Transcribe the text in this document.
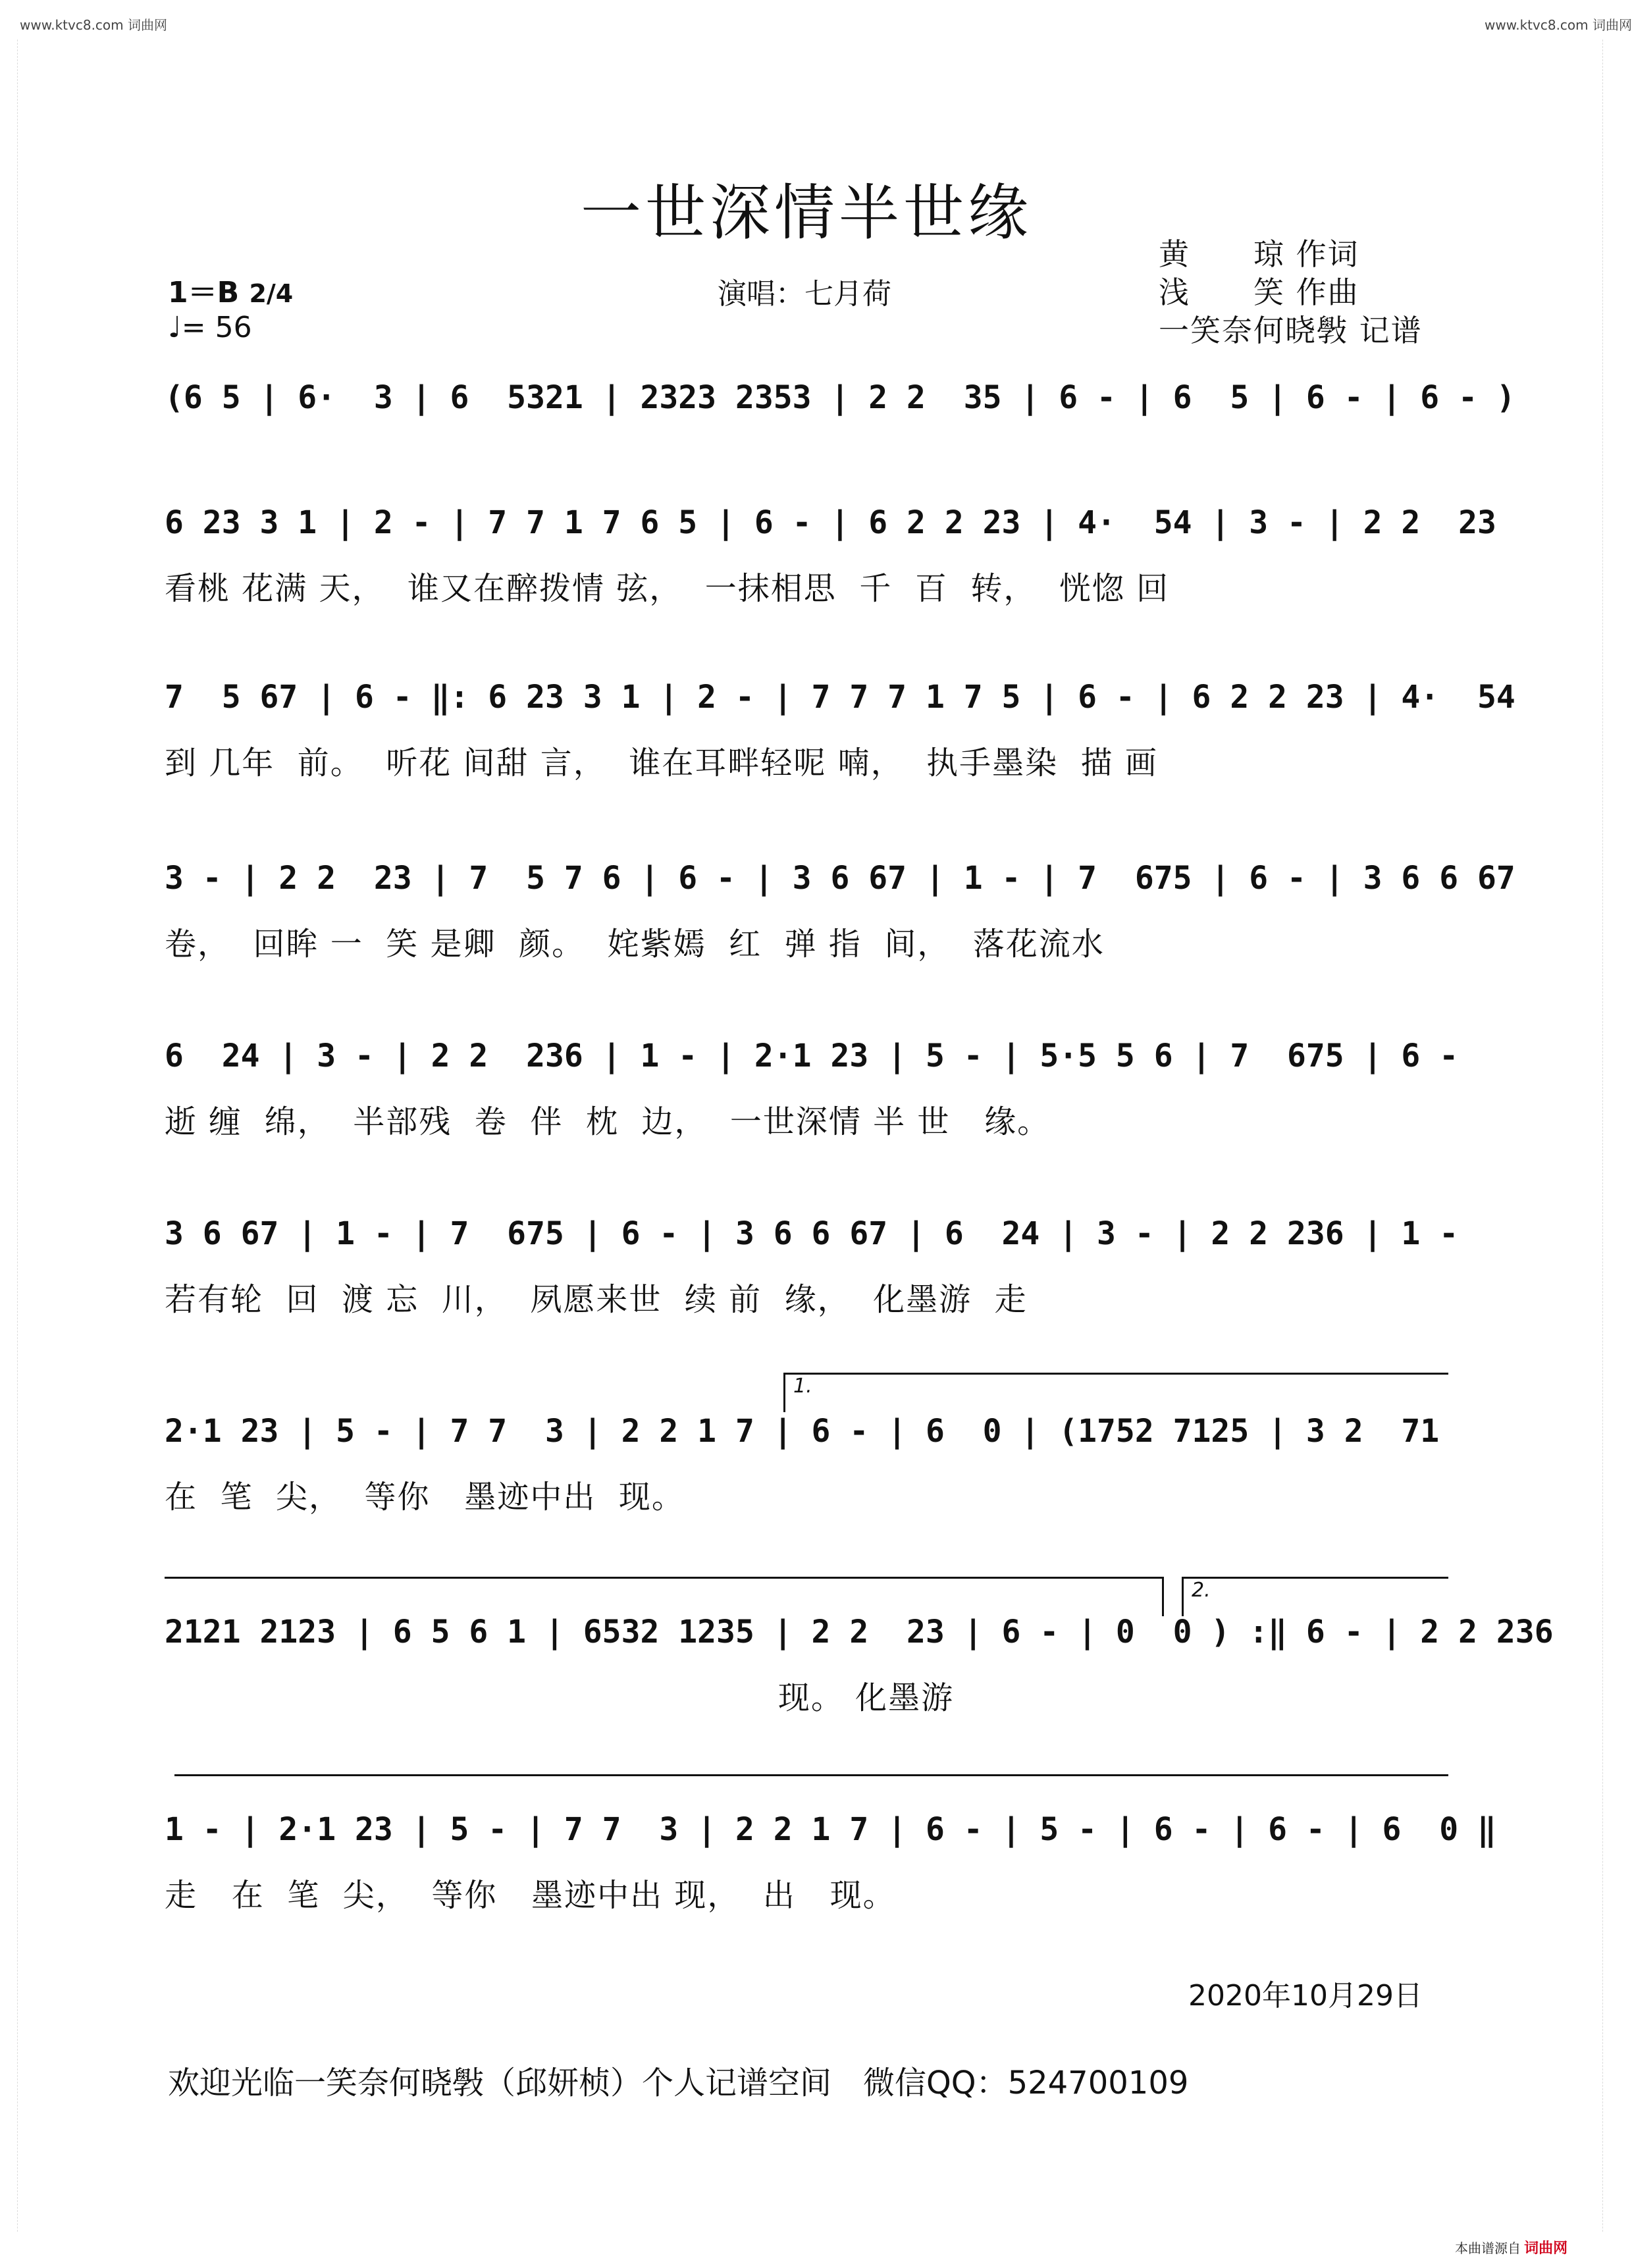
www.ktvc8.com 词曲网	www.ktvc8.com 词曲网
一世深情半世缘
1＝B 2/4
♩= 56
演唱：七月荷
黄　　琼 作词
浅　　笑 作曲
一笑奈何晓斅 记谱

(6 5 | 6·  3 | 6  5321 | 2323 2353 | 2 2  35 | 6 - | 6  5 | 6 - | 6 - )

6 23 3 1 | 2 - | 7 7 1 7 6 5 | 6 - | 6 2 2 23 | 4·  54 | 3 - | 2 2  23

看桃 花满 天，  谁又在醉拨情 弦，  一抹相思  千  百  转，  恍惚 回

7  5 67 | 6 - ‖: 6 23 3 1 | 2 - | 7 7 7 1 7 5 | 6 - | 6 2 2 23 | 4·  54

到 几年  前。  听花 间甜 言，  谁在耳畔轻呢 喃，  执手墨染  描 画

3 - | 2 2  23 | 7  5 7 6 | 6 - | 3 6 67 | 1 - | 7  675 | 6 - | 3 6 6 67

卷，  回眸 一  笑 是卿  颜。  姹紫嫣  红  弹 指  间，  落花流水

6  24 | 3 - | 2 2  236 | 1 - | 2·1 23 | 5 - | 5·5 5 6 | 7  675 | 6 -

逝 缠  绵，  半部残  卷  伴  枕  边，  一世深情 半 世   缘。

3 6 67 | 1 - | 7  675 | 6 - | 3 6 6 67 | 6  24 | 3 - | 2 2 236 | 1 -

若有轮  回  渡 忘  川，  夙愿来世  续 前  缘，  化墨游  走
1.

2·1 23 | 5 - | 7 7  3 | 2 2 1 7 | 6 - | 6  0 | (1752 7125 | 3 2  71

在  笔  尖，  等你   墨迹中出  现。
2.

2121 2123 | 6 5 6 1 | 6532 1235 | 2 2  23 | 6 - | 0  0 ) :‖ 6 - | 2 2 236

现。 化墨游

1 - | 2·1 23 | 5 - | 7 7  3 | 2 2 1 7 | 6 - | 5 - | 6 - | 6 - | 6  0 ‖

走   在  笔  尖，  等你   墨迹中出 现，  出   现。
2020年10月29日
欢迎光临一笑奈何晓斅（邱妍桢）个人记谱空间　微信QQ：524700109
本曲谱源自 词曲网
